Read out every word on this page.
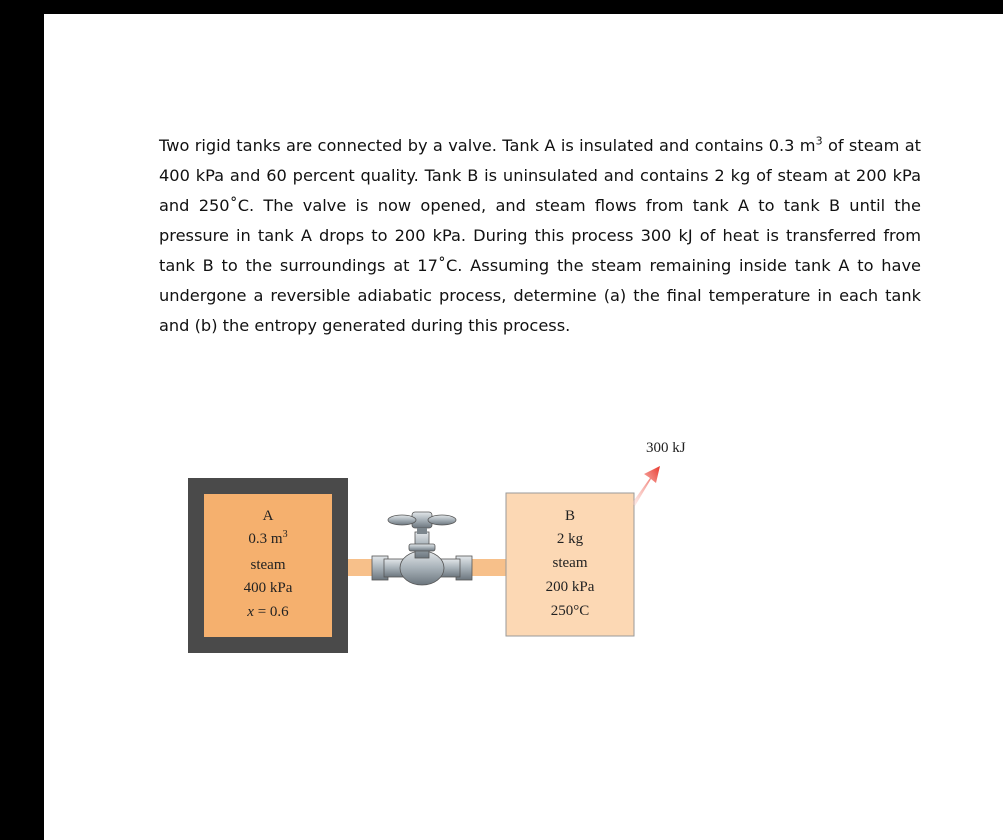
Two rigid tanks are connected by a valve. Tank A is insulated and contains 0.3 $m^3$ of steam at 400 kPa and 60 percent quality. Tank B is uninsulated and contains 2 kg of steam at 200 kPa and 250˚C. The valve is now opened, and steam flows from tank A to tank B until the pressure in tank A drops to 200 kPa. During this process 300 kJ of heat is transferred from tank B to the surroundings at 17˚C. Assuming the steam remaining inside tank A to have undergone a reversible adiabatic process, determine (a) the final temperature in each tank and (b) the entropy generated during this process.

300 kJ
A
0.3 $m^3$
steam
400 kPa
x = 0.6
B
2 kg
steam
200 kPa
250°C
